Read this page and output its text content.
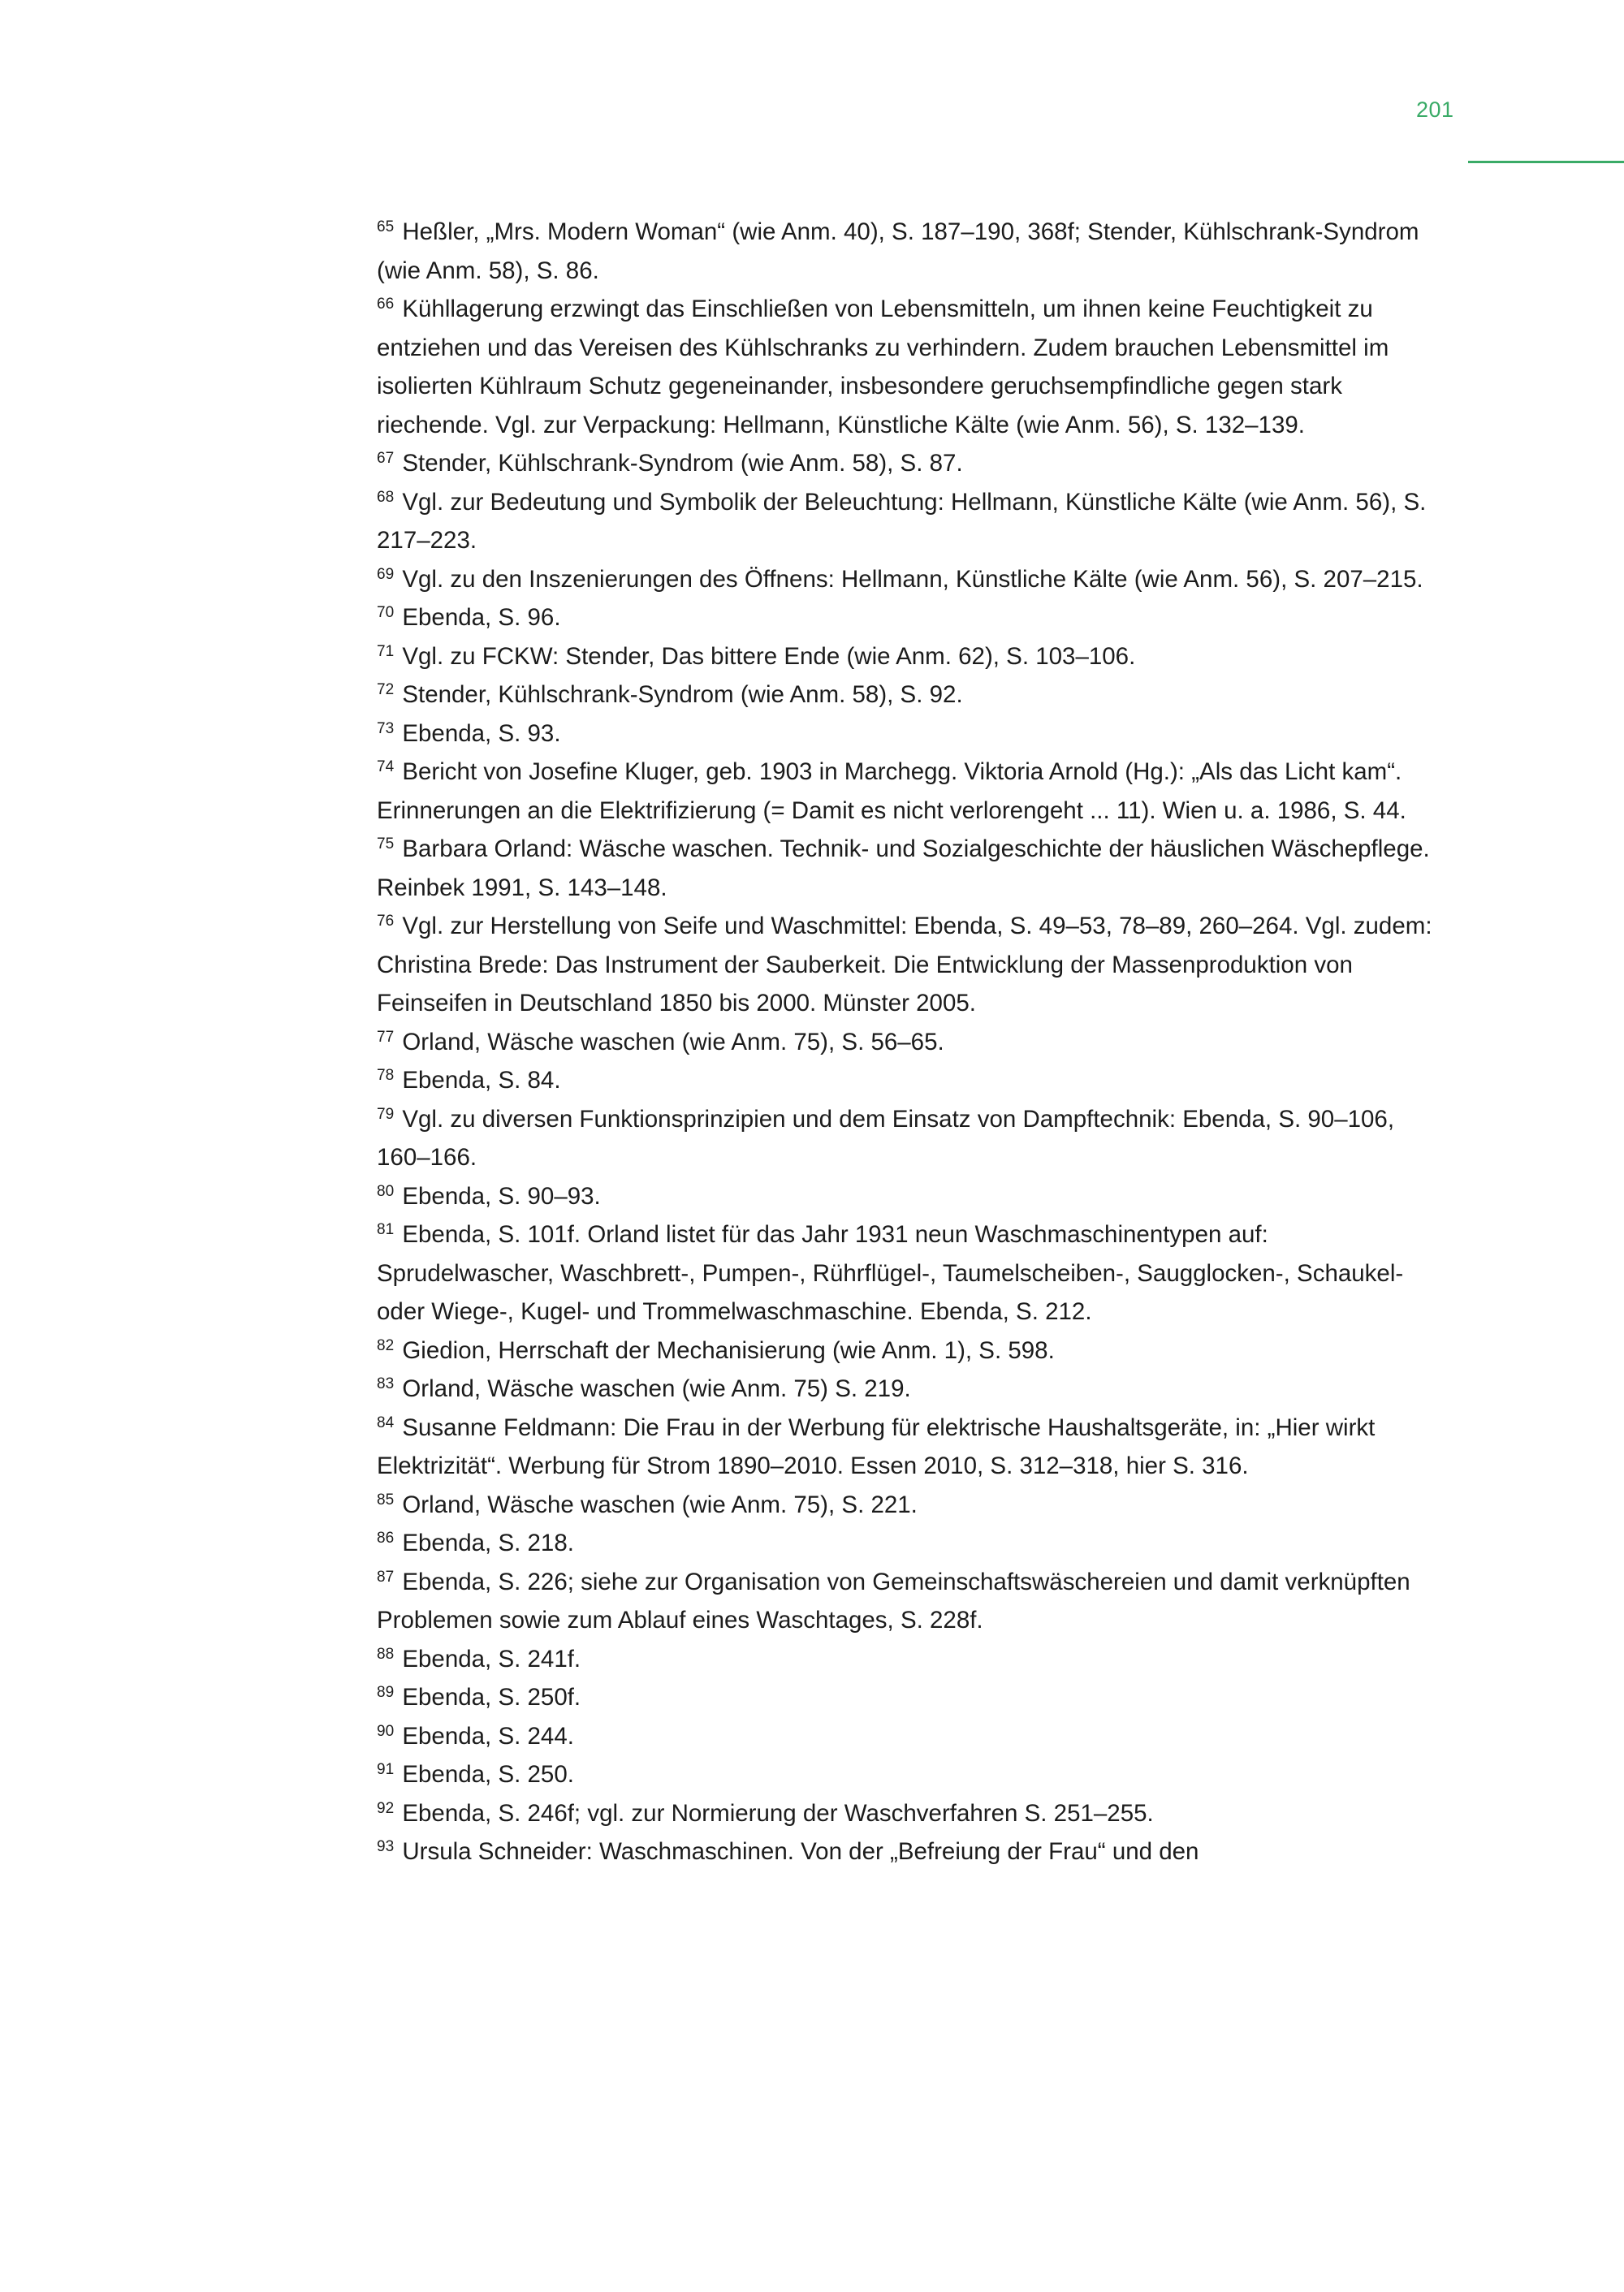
201

$^{65}$ Heßler, „Mrs. Modern Woman“ (wie Anm. 40), S. 187–190, 368f; Stender, Kühlschrank-Syndrom (wie Anm. 58), S. 86.

$^{66}$ Kühllagerung erzwingt das Einschließen von Lebensmitteln, um ihnen keine Feuchtigkeit zu entziehen und das Vereisen des Kühlschranks zu verhindern. Zudem brauchen Lebensmittel im isolierten Kühlraum Schutz gegeneinander, insbesondere geruchsempfindliche gegen stark riechende. Vgl. zur Verpackung: Hellmann, Künstliche Kälte (wie Anm. 56), S. 132–139.

$^{67}$ Stender, Kühlschrank-Syndrom (wie Anm. 58), S. 87.

$^{68}$ Vgl. zur Bedeutung und Symbolik der Beleuchtung: Hellmann, Künstliche Kälte (wie Anm. 56), S. 217–223.

$^{69}$ Vgl. zu den Inszenierungen des Öffnens: Hellmann, Künstliche Kälte (wie Anm. 56), S. 207–215.

$^{70}$ Ebenda, S. 96.

$^{71}$ Vgl. zu FCKW: Stender, Das bittere Ende (wie Anm. 62), S. 103–106.

$^{72}$ Stender, Kühlschrank-Syndrom (wie Anm. 58), S. 92.

$^{73}$ Ebenda, S. 93.

$^{74}$ Bericht von Josefine Kluger, geb. 1903 in Marchegg. Viktoria Arnold (Hg.): „Als das Licht kam“. Erinnerungen an die Elektrifizierung (= Damit es nicht verlorengeht ... 11). Wien u. a. 1986, S. 44.

$^{75}$ Barbara Orland: Wäsche waschen. Technik- und Sozialgeschichte der häuslichen Wäschepflege. Reinbek 1991, S. 143–148.

$^{76}$ Vgl. zur Herstellung von Seife und Waschmittel: Ebenda, S. 49–53, 78–89, 260–264. Vgl. zudem: Christina Brede: Das Instrument der Sauberkeit. Die Entwicklung der Massenproduktion von Feinseifen in Deutschland 1850 bis 2000. Münster 2005.

$^{77}$ Orland, Wäsche waschen (wie Anm. 75), S. 56–65.

$^{78}$ Ebenda, S. 84.

$^{79}$ Vgl. zu diversen Funktionsprinzipien und dem Einsatz von Dampftechnik: Ebenda, S. 90–106, 160–166.

$^{80}$ Ebenda, S. 90–93.

$^{81}$ Ebenda, S. 101f. Orland listet für das Jahr 1931 neun Waschmaschinentypen auf: Sprudelwascher, Waschbrett-, Pumpen-, Rührflügel-, Taumelscheiben-, Saugglocken-, Schaukel- oder Wiege-, Kugel- und Trommelwaschmaschine. Ebenda, S. 212.

$^{82}$ Giedion, Herrschaft der Mechanisierung (wie Anm. 1), S. 598.

$^{83}$ Orland, Wäsche waschen (wie Anm. 75) S. 219.

$^{84}$ Susanne Feldmann: Die Frau in der Werbung für elektrische Haushaltsgeräte, in: „Hier wirkt Elektrizität“. Werbung für Strom 1890–2010. Essen 2010, S. 312–318, hier S. 316.

$^{85}$ Orland, Wäsche waschen (wie Anm. 75), S. 221.

$^{86}$ Ebenda, S. 218.

$^{87}$ Ebenda, S. 226; siehe zur Organisation von Gemeinschaftswäschereien und damit verknüpften Problemen sowie zum Ablauf eines Waschtages, S. 228f.

$^{88}$ Ebenda, S. 241f.

$^{89}$ Ebenda, S. 250f.

$^{90}$ Ebenda, S. 244.

$^{91}$ Ebenda, S. 250.

$^{92}$ Ebenda, S. 246f; vgl. zur Normierung der Waschverfahren S. 251–255.

$^{93}$ Ursula Schneider: Waschmaschinen. Von der „Befreiung der Frau“ und den
